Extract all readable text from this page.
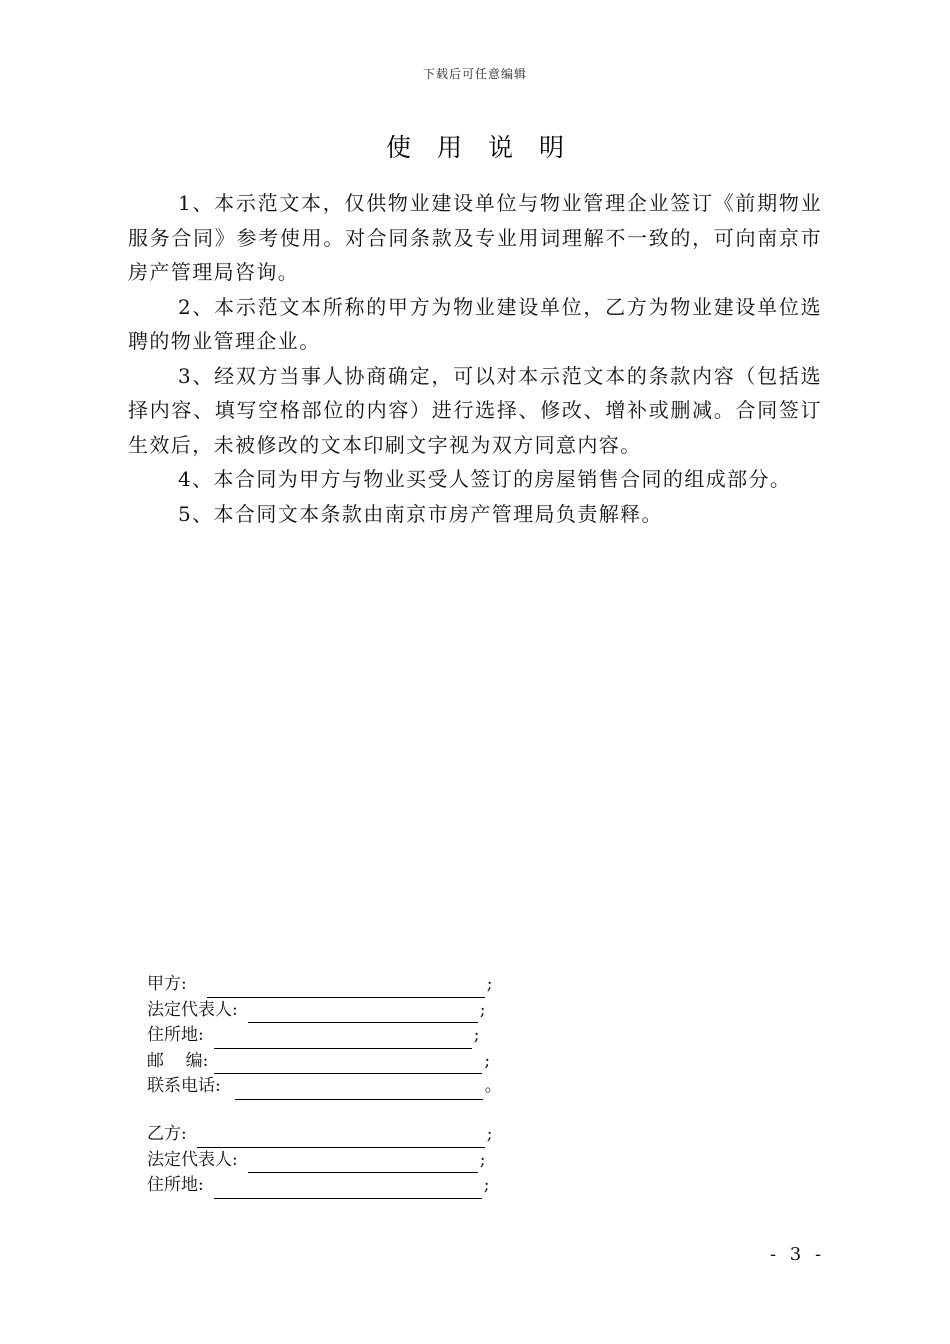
下载后可任意编辑
使用说明

1、本示范文本，仅供物业建设单位与物业管理企业签订《前期物业服务合同》参考使用。对合同条款及专业用词理解不一致的，可向南京市房产管理局咨询。

2、本示范文本所称的甲方为物业建设单位，乙方为物业建设单位选聘的物业管理企业。

3、经双方当事人协商确定，可以对本示范文本的条款内容（包括选择内容、填写空格部位的内容）进行选择、修改、增补或删减。合同签订生效后，未被修改的文本印刷文字视为双方同意内容。

4、本合同为甲方与物业买受人签订的房屋销售合同的组成部分。

5、本合同文本条款由南京市房产管理局负责解释。

甲方:	;
法定代表人:	;
住所地:	;
邮    编:	;
联系电话:	。
乙方:	;
法定代表人:	;
住所地:	;
- 3 -
